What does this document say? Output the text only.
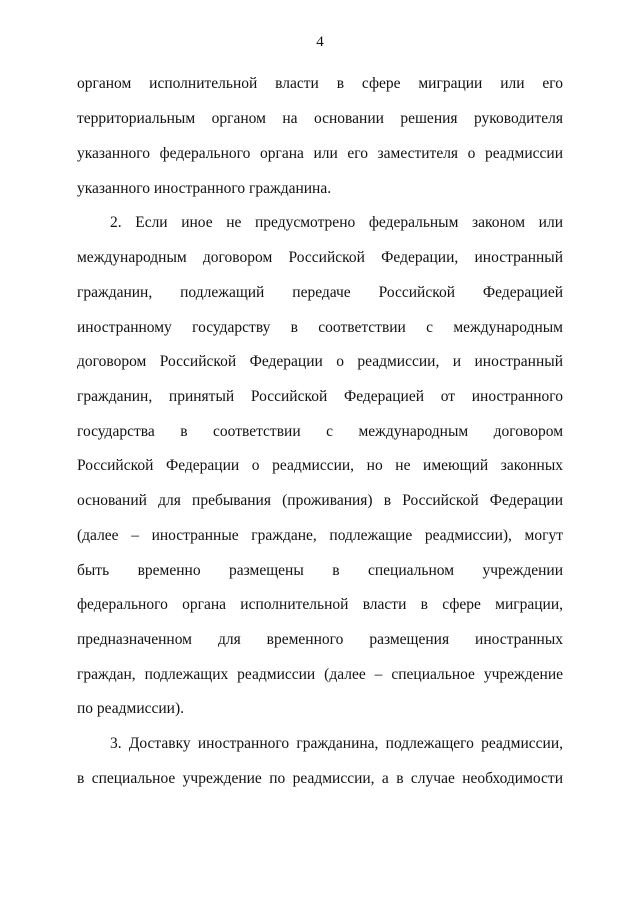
4
органом исполнительной власти в сфере миграции или его
территориальным органом на основании решения руководителя
указанного федерального органа или его заместителя о реадмиссии
указанного иностранного гражданина.
2. Если иное не предусмотрено федеральным законом или
международным договором Российской Федерации, иностранный
гражданин, подлежащий передаче Российской Федерацией
иностранному государству в соответствии с международным
договором Российской Федерации о реадмиссии, и иностранный
гражданин, принятый Российской Федерацией от иностранного
государства в соответствии с международным договором
Российской Федерации о реадмиссии, но не имеющий законных
оснований для пребывания (проживания) в Российской Федерации
(далее – иностранные граждане, подлежащие реадмиссии), могут
быть временно размещены в специальном учреждении
федерального органа исполнительной власти в сфере миграции,
предназначенном для временного размещения иностранных
граждан, подлежащих реадмиссии (далее – специальное учреждение
по реадмиссии).
3. Доставку иностранного гражданина, подлежащего реадмиссии,
в специальное учреждение по реадмиссии, а в случае необходимости
